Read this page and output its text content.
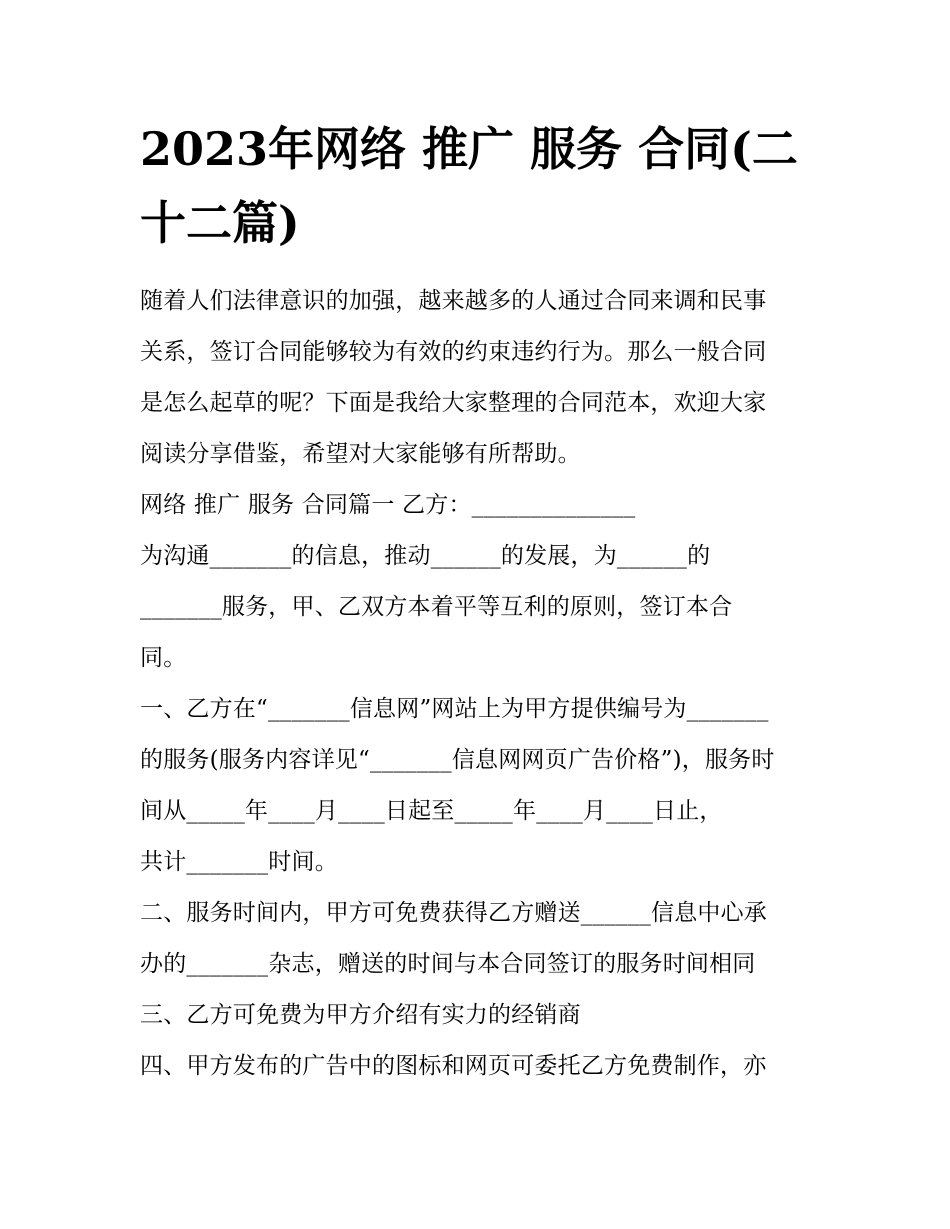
2023年网络 推广 服务 合同(二
十二篇)
随着人们法律意识的加强，越来越多的人通过合同来调和民事
关系，签订合同能够较为有效的约束违约行为。那么一般合同
是怎么起草的呢？下面是我给大家整理的合同范本，欢迎大家
阅读分享借鉴，希望对大家能够有所帮助。
网络 推广 服务 合同篇一 乙方：______________
为沟通_______的信息，推动______的发展，为______的
_______服务，甲、乙双方本着平等互利的原则，签订本合
同。
一、乙方在“_______信息网”网站上为甲方提供编号为_______
的服务(服务内容详见“_______信息网网页广告价格”)，服务时
间从_____年____月____日起至_____年____月____日止，
共计_______时间。
二、服务时间内，甲方可免费获得乙方赠送______信息中心承
办的_______杂志，赠送的时间与本合同签订的服务时间相同
三、乙方可免费为甲方介绍有实力的经销商
四、甲方发布的广告中的图标和网页可委托乙方免费制作，亦
